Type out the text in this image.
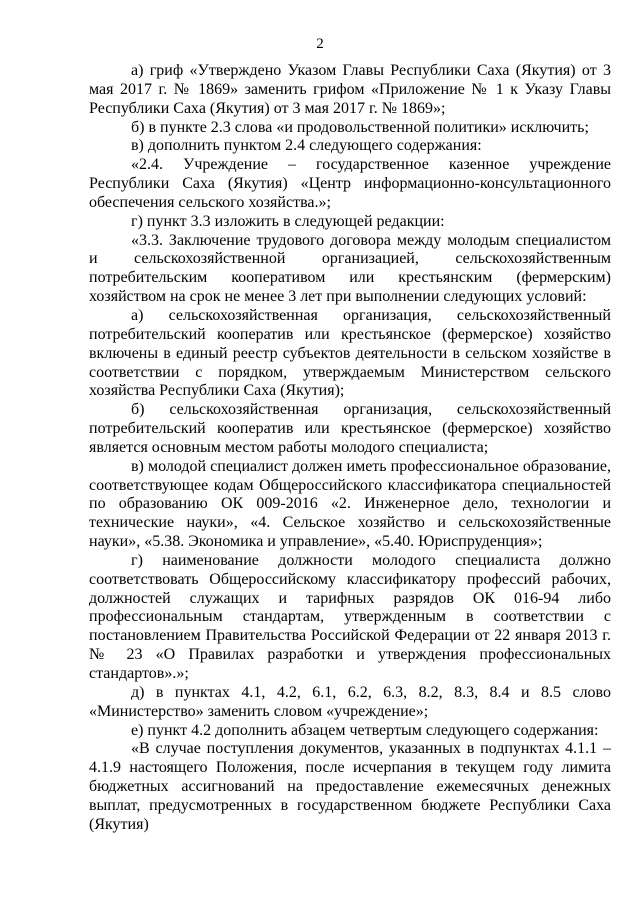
2

а) гриф «Утверждено Указом Главы Республики Саха (Якутия) от 3 мая 2017 г. № 1869» заменить грифом «Приложение № 1 к Указу Главы Республики Саха (Якутия) от 3 мая 2017 г. № 1869»;

б) в пункте 2.3 слова «и продовольственной политики» исключить;

в) дополнить пунктом 2.4 следующего содержания:

«2.4. Учреждение – государственное казенное учреждение Республики Саха (Якутия) «Центр информационно-консультационного обеспечения сельского хозяйства.»;

г) пункт 3.3 изложить в следующей редакции:

«3.3. Заключение трудового договора между молодым специалистом и сельскохозяйственной организацией, сельскохозяйственным потребительским кооперативом или крестьянским (фермерским) хозяйством на срок не менее 3 лет при выполнении следующих условий:

а) сельскохозяйственная организация, сельскохозяйственный потребительский кооператив или крестьянское (фермерское) хозяйство включены в единый реестр субъектов деятельности в сельском хозяйстве в соответствии с порядком, утверждаемым Министерством сельского хозяйства Республики Саха (Якутия);

б) сельскохозяйственная организация, сельскохозяйственный потребительский кооператив или крестьянское (фермерское) хозяйство является основным местом работы молодого специалиста;

в) молодой специалист должен иметь профессиональное образование, соответствующее кодам Общероссийского классификатора специальностей по образованию ОК 009-2016 «2. Инженерное дело, технологии и технические науки», «4. Сельское хозяйство и сельскохозяйственные науки», «5.38. Экономика и управление», «5.40. Юриспруденция»;

г) наименование должности молодого специалиста должно соответствовать Общероссийскому классификатору профессий рабочих, должностей служащих и тарифных разрядов ОК 016-94 либо профессиональным стандартам, утвержденным в соответствии с постановлением Правительства Российской Федерации от 22 января 2013 г. № 23 «О Правилах разработки и утверждения профессиональных стандартов».»;

д) в пунктах 4.1, 4.2, 6.1, 6.2, 6.3, 8.2, 8.3, 8.4 и 8.5 слово «Министерство» заменить словом «учреждение»;

е) пункт 4.2 дополнить абзацем четвертым следующего содержания:

«В случае поступления документов, указанных в подпунктах 4.1.1 – 4.1.9 настоящего Положения, после исчерпания в текущем году лимита бюджетных ассигнований на предоставление ежемесячных денежных выплат, предусмотренных в государственном бюджете Республики Саха (Якутия)
